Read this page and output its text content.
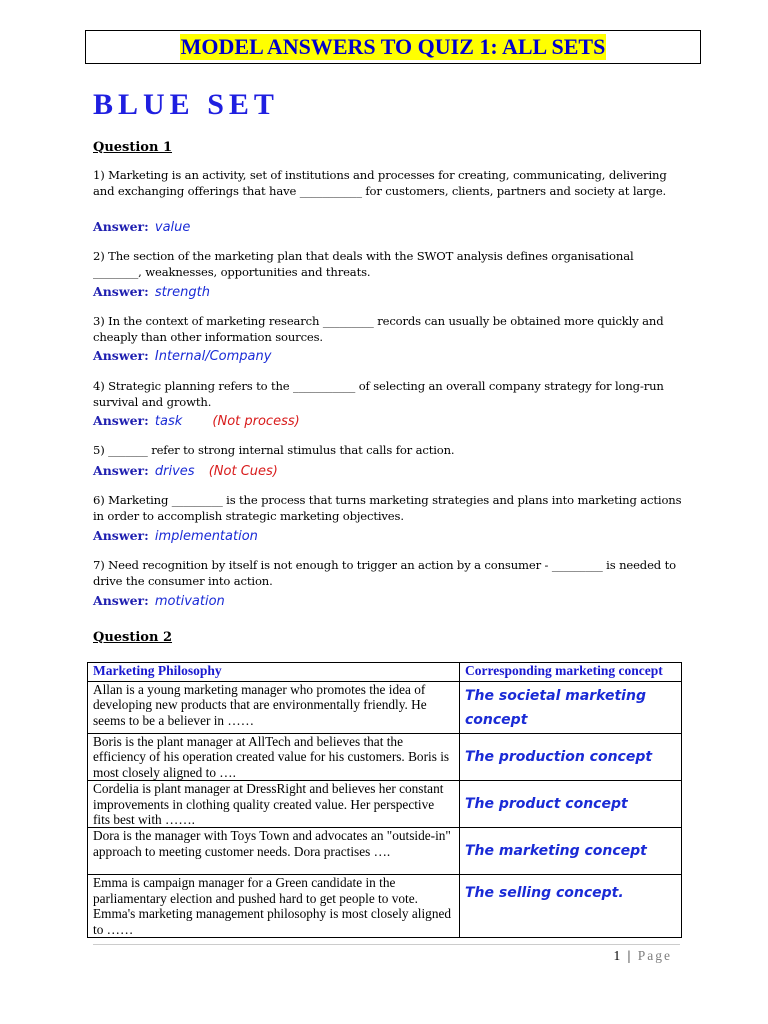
MODEL ANSWERS TO QUIZ 1: ALL SETS
BLUE SET
Question 1
1) Marketing is an activity, set of institutions and processes for creating, communicating, delivering and exchanging offerings that have ___________ for customers, clients, partners and society at large.
Answer: value
2) The section of the marketing plan that deals with the SWOT analysis defines organisational ________, weaknesses, opportunities and threats.
Answer: strength
3) In the context of marketing research _________ records can usually be obtained more quickly and cheaply than other information sources.
Answer: Internal/Company
4) Strategic planning refers to the ___________ of selecting an overall company strategy for long-run survival and growth.
Answer: task (Not process)
5) _______ refer to strong internal stimulus that calls for action.
Answer: drives (Not Cues)
6) Marketing _________ is the process that turns marketing strategies and plans into marketing actions in order to accomplish strategic marketing objectives.
Answer: implementation
7) Need recognition by itself is not enough to trigger an action by a consumer - _________ is needed to drive the consumer into action.
Answer: motivation
Question 2
Marketing Philosophy	Corresponding marketing concept
Allan is a young marketing manager who promotes the idea of developing new products that are environmentally friendly. He seems to be a believer in ……	The societal marketing concept
Boris is the plant manager at AllTech and believes that the efficiency of his operation created value for his customers. Boris is most closely aligned to ….	The production concept
Cordelia is plant manager at DressRight and believes her constant improvements in clothing quality created value. Her perspective fits best with …….	The product concept
Dora is the manager with Toys Town and advocates an "outside-in" approach to meeting customer needs. Dora practises ….	The marketing concept
Emma is campaign manager for a Green candidate in the parliamentary election and pushed hard to get people to vote. Emma's marketing management philosophy is most closely aligned to ……	The selling concept.
1 | Page
